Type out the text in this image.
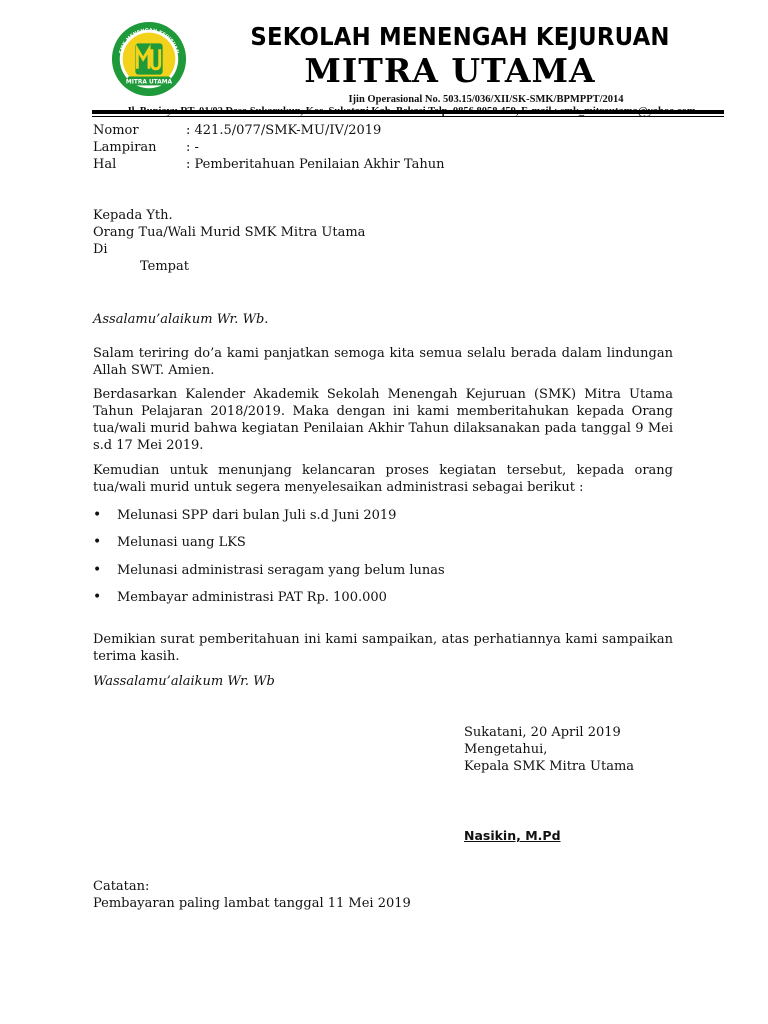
MITRA UTAMA
SMK MENENGAH KEJURUAN
SEKOLAH MENENGAH KEJURUAN
MITRA UTAMA
Ijin Operasional No. 503.15/036/XII/SK-SMK/BPMPPT/2014
Nomor	: 421.5/077/SMK-MU/IV/2019
Lampiran : -
Hal	: Pemberitahuan Penilaian Akhir Tahun
Kepada Yth.
Orang Tua/Wali Murid SMK Mitra Utama
Di
Tempat
Assalamu’alaikum Wr. Wb.
Salam teriring do’a kami panjatkan semoga kita semua selalu berada dalam lindungan Allah SWT. Amien.
Berdasarkan Kalender Akademik Sekolah Menengah Kejuruan (SMK) Mitra Utama Tahun Pelajaran 2018/2019. Maka dengan ini kami memberitahukan kepada Orang tua/wali murid bahwa kegiatan Penilaian Akhir Tahun dilaksanakan pada tanggal 9 Mei s.d 17 Mei 2019.
Kemudian untuk menunjang kelancaran proses kegiatan tersebut, kepada orang tua/wali murid untuk segera menyelesaikan administrasi sebagai berikut :
• Melunasi SPP dari bulan Juli s.d Juni 2019
• Melunasi uang LKS
• Melunasi administrasi seragam yang belum lunas
• Membayar administrasi PAT Rp. 100.000
Demikian surat pemberitahuan ini kami sampaikan, atas perhatiannya kami sampaikan terima kasih.
Wassalamu’alaikum Wr. Wb
Sukatani, 20 April 2019
Mengetahui,
Kepala SMK Mitra Utama
Nasikin, M.Pd
Catatan:
Pembayaran paling lambat tanggal 11 Mei 2019
